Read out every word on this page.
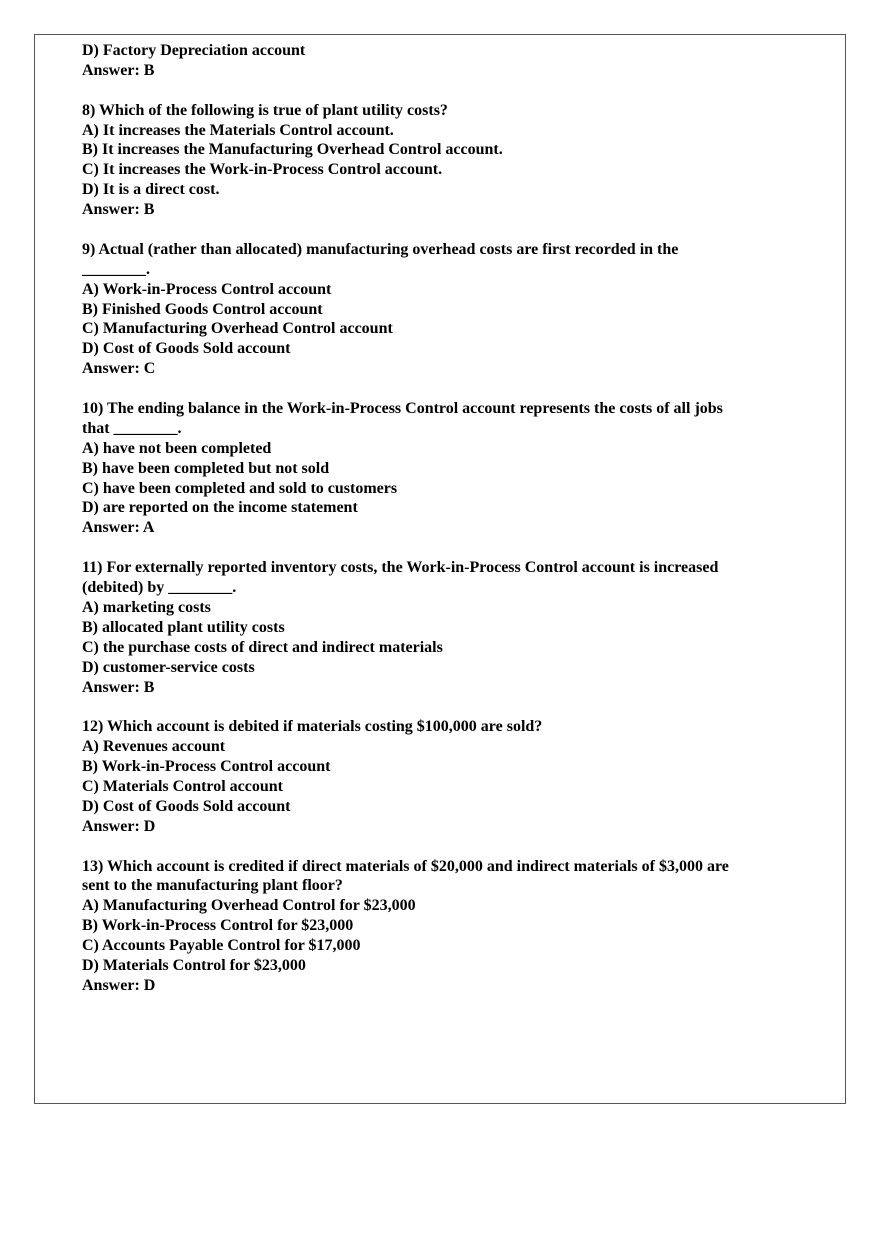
D) Factory Depreciation account
Answer: B
8) Which of the following is true of plant utility costs?
A) It increases the Materials Control account.
B) It increases the Manufacturing Overhead Control account.
C) It increases the Work-in-Process Control account.
D) It is a direct cost.
Answer: B
9) Actual (rather than allocated) manufacturing overhead costs are first recorded in the
________.
A) Work-in-Process Control account
B) Finished Goods Control account
C) Manufacturing Overhead Control account
D) Cost of Goods Sold account
Answer: C
10) The ending balance in the Work-in-Process Control account represents the costs of all jobs
that ________.
A) have not been completed
B) have been completed but not sold
C) have been completed and sold to customers
D) are reported on the income statement
Answer: A
11) For externally reported inventory costs, the Work-in-Process Control account is increased
(debited) by ________.
A) marketing costs
B) allocated plant utility costs
C) the purchase costs of direct and indirect materials
D) customer-service costs
Answer: B
12) Which account is debited if materials costing $100,000 are sold?
A) Revenues account
B) Work-in-Process Control account
C) Materials Control account
D) Cost of Goods Sold account
Answer: D
13) Which account is credited if direct materials of $20,000 and indirect materials of $3,000 are
sent to the manufacturing plant floor?
A) Manufacturing Overhead Control for $23,000
B) Work-in-Process Control for $23,000
C) Accounts Payable Control for $17,000
D) Materials Control for $23,000
Answer: D
